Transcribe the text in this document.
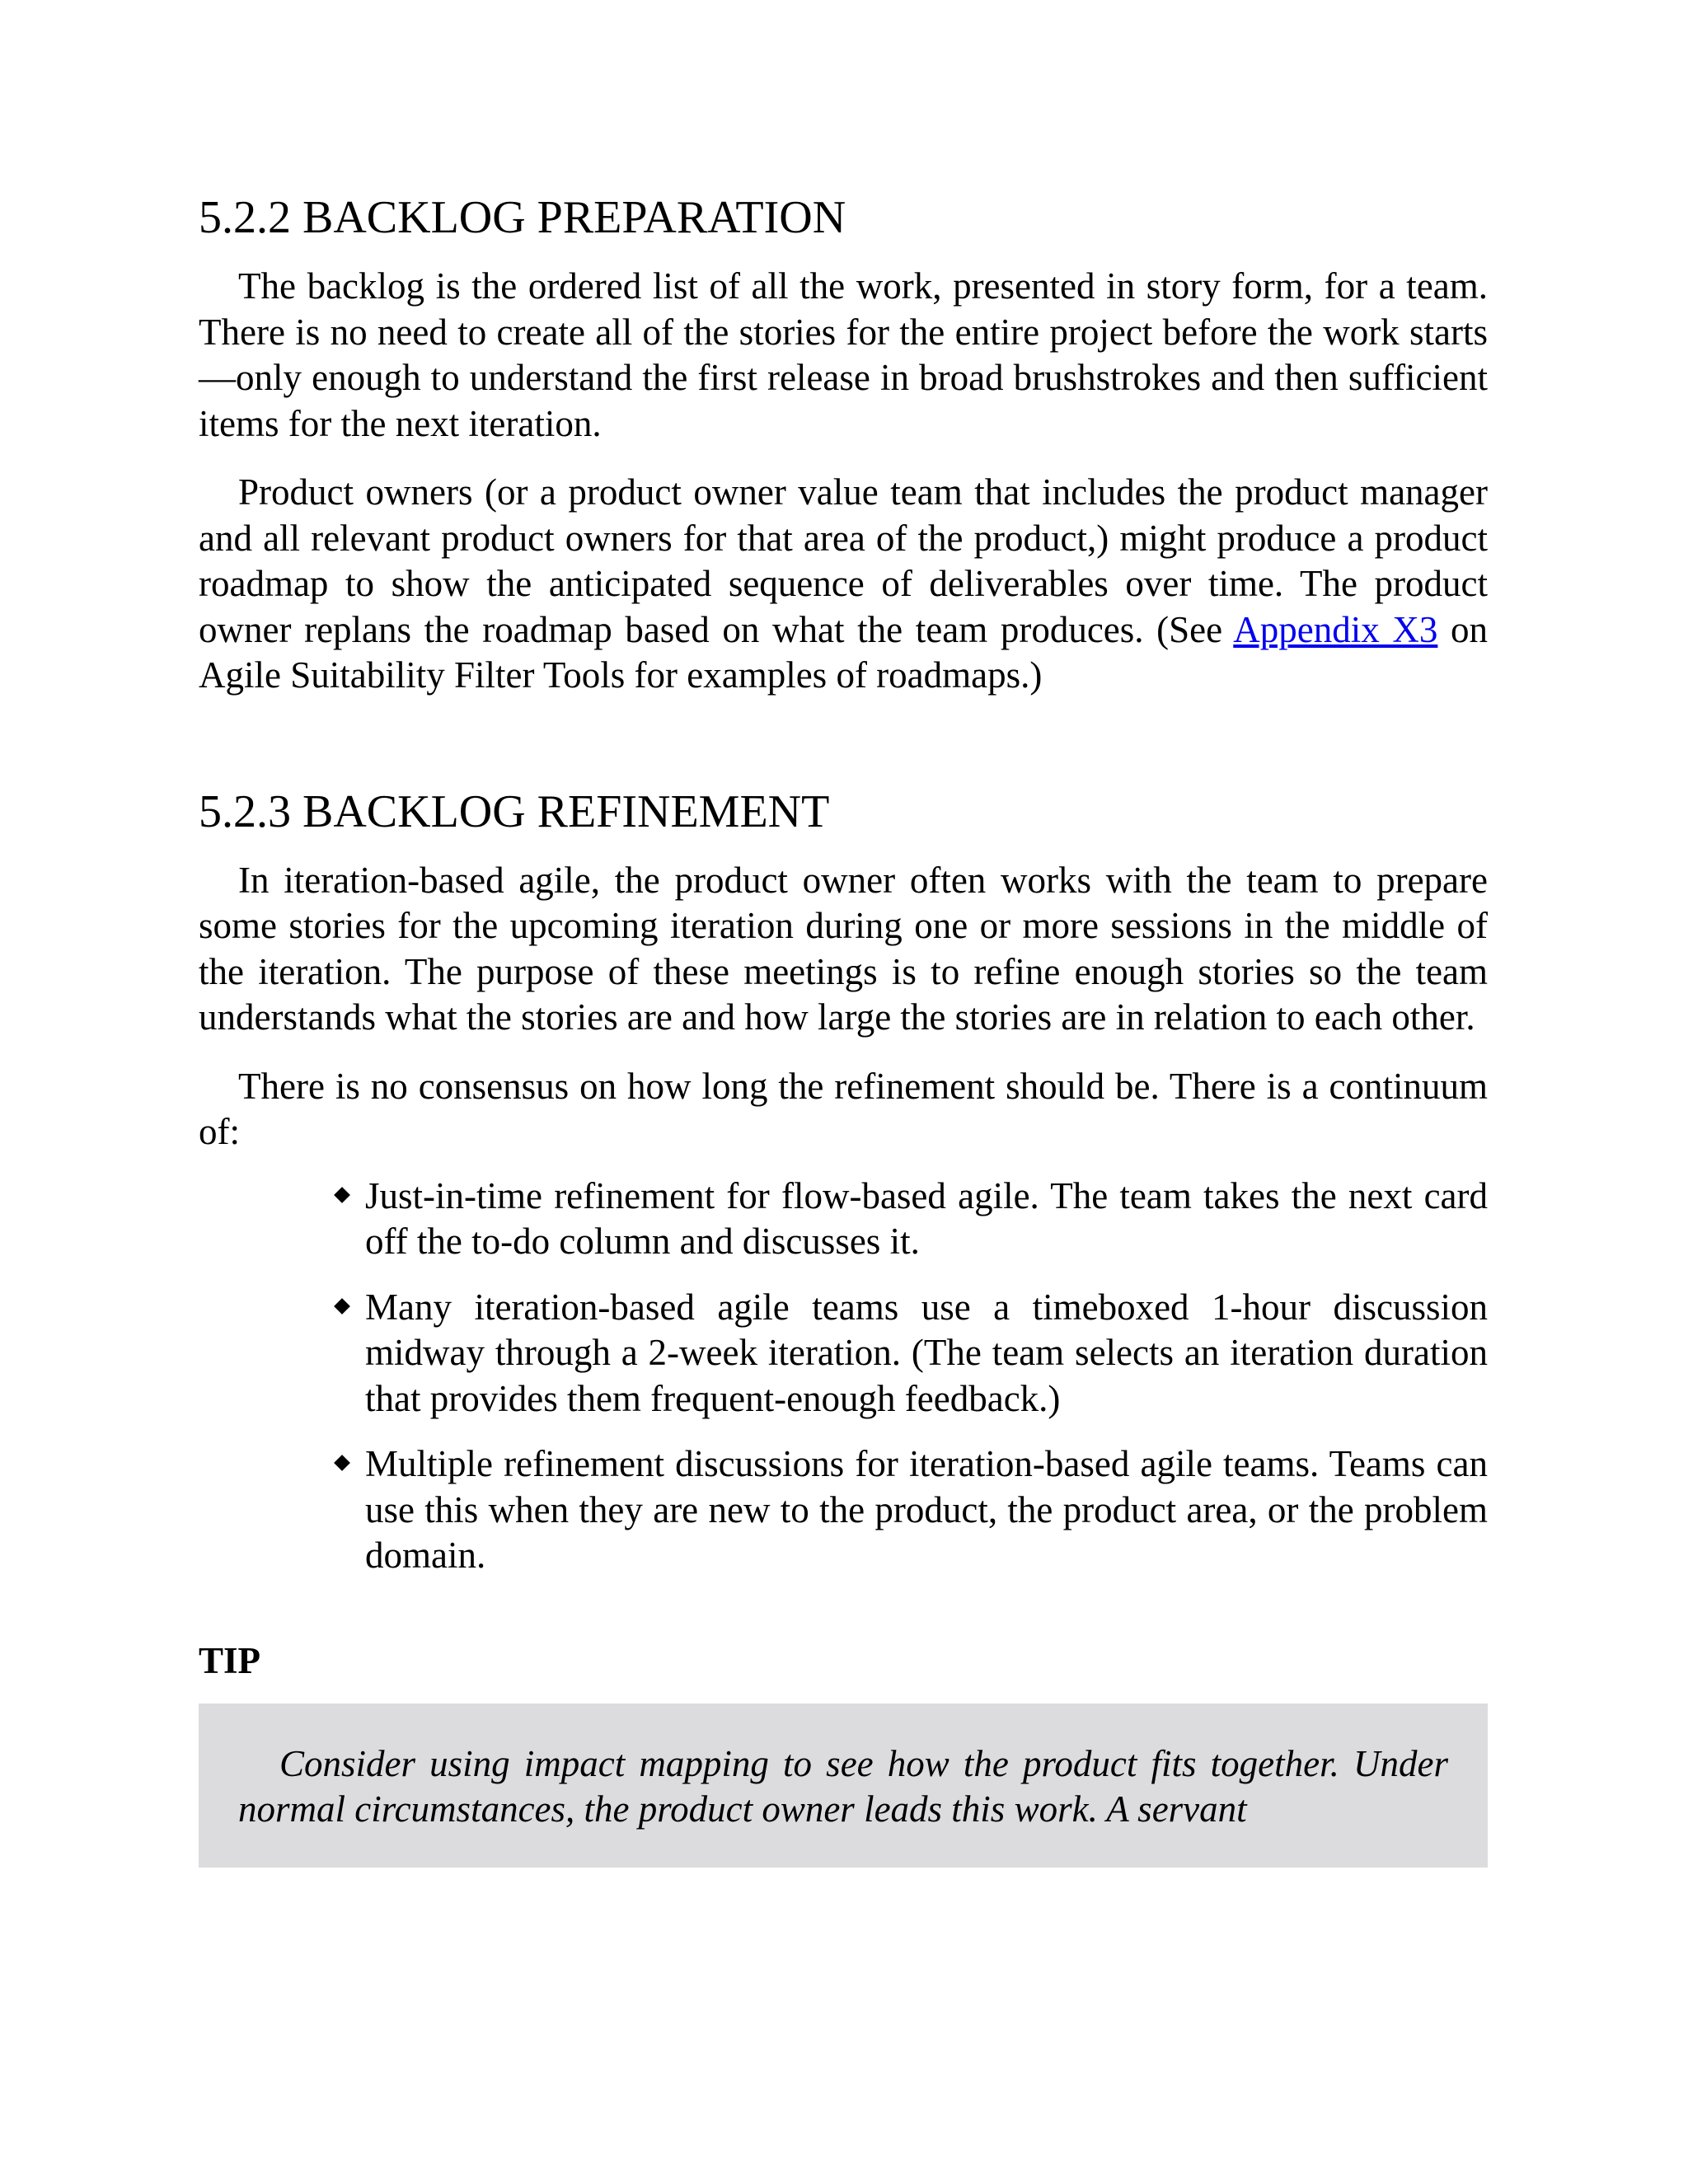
5.2.2 BACKLOG PREPARATION

The backlog is the ordered list of all the work, presented in story form, for a team. There is no need to create all of the stories for the entire project before the work starts—only enough to understand the first release in broad brushstrokes and then sufficient items for the next iteration.

Product owners (or a product owner value team that includes the product manager and all relevant product owners for that area of the product,) might produce a product roadmap to show the anticipated sequence of deliverables over time. The product owner replans the roadmap based on what the team produces. (See Appendix X3 on Agile Suitability Filter Tools for examples of roadmaps.)

5.2.3 BACKLOG REFINEMENT

In iteration-based agile, the product owner often works with the team to prepare some stories for the upcoming iteration during one or more sessions in the middle of the iteration. The purpose of these meetings is to refine enough stories so the team understands what the stories are and how large the stories are in relation to each other.

There is no consensus on how long the refinement should be. There is a continuum of:

Just-in-time refinement for flow-based agile. The team takes the next card off the to-do column and discusses it.
Many iteration-based agile teams use a timeboxed 1-hour discussion midway through a 2-week iteration. (The team selects an iteration duration that provides them frequent-enough feedback.)
Multiple refinement discussions for iteration-based agile teams. Teams can use this when they are new to the product, the product area, or the problem domain.
TIP

Consider using impact mapping to see how the product fits together. Under normal circumstances, the product owner leads this work. A servant
